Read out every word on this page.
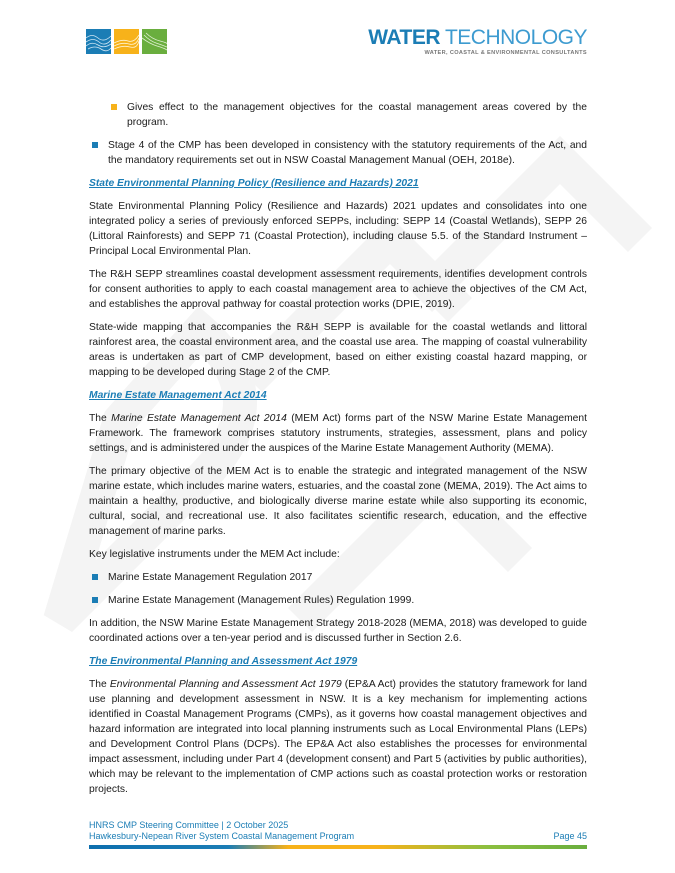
WATER TECHNOLOGY
WATER, COASTAL & ENVIRONMENTAL CONSULTANTS
Gives effect to the management objectives for the coastal management areas covered by the program.
Stage 4 of the CMP has been developed in consistency with the statutory requirements of the Act, and the mandatory requirements set out in NSW Coastal Management Manual (OEH, 2018e).
State Environmental Planning Policy (Resilience and Hazards) 2021

State Environmental Planning Policy (Resilience and Hazards) 2021 updates and consolidates into one integrated policy a series of previously enforced SEPPs, including: SEPP 14 (Coastal Wetlands), SEPP 26 (Littoral Rainforests) and SEPP 71 (Coastal Protection), including clause 5.5. of the Standard Instrument – Principal Local Environmental Plan.

The R&H SEPP streamlines coastal development assessment requirements, identifies development controls for consent authorities to apply to each coastal management area to achieve the objectives of the CM Act, and establishes the approval pathway for coastal protection works (DPIE, 2019).

State-wide mapping that accompanies the R&H SEPP is available for the coastal wetlands and littoral rainforest area, the coastal environment area, and the coastal use area. The mapping of coastal vulnerability areas is undertaken as part of CMP development, based on either existing coastal hazard mapping, or mapping to be developed during Stage 2 of the CMP.

Marine Estate Management Act 2014

The Marine Estate Management Act 2014 (MEM Act) forms part of the NSW Marine Estate Management Framework. The framework comprises statutory instruments, strategies, assessment, plans and policy settings, and is administered under the auspices of the Marine Estate Management Authority (MEMA).

The primary objective of the MEM Act is to enable the strategic and integrated management of the NSW marine estate, which includes marine waters, estuaries, and the coastal zone (MEMA, 2019). The Act aims to maintain a healthy, productive, and biologically diverse marine estate while also supporting its economic, cultural, social, and recreational use. It also facilitates scientific research, education, and the effective management of marine parks.

Key legislative instruments under the MEM Act include:

Marine Estate Management Regulation 2017
Marine Estate Management (Management Rules) Regulation 1999.

In addition, the NSW Marine Estate Management Strategy 2018-2028 (MEMA, 2018) was developed to guide coordinated actions over a ten-year period and is discussed further in Section 2.6.

The Environmental Planning and Assessment Act 1979

The Environmental Planning and Assessment Act 1979 (EP&A Act) provides the statutory framework for land use planning and development assessment in NSW. It is a key mechanism for implementing actions identified in Coastal Management Programs (CMPs), as it governs how coastal management objectives and hazard information are integrated into local planning instruments such as Local Environmental Plans (LEPs) and Development Control Plans (DCPs). The EP&A Act also establishes the processes for environmental impact assessment, including under Part 4 (development consent) and Part 5 (activities by public authorities), which may be relevant to the implementation of CMP actions such as coastal protection works or restoration projects.

HNRS CMP Steering Committee | 2 October 2025
Hawkesbury-Nepean River System Coastal Management Program	Page 45
